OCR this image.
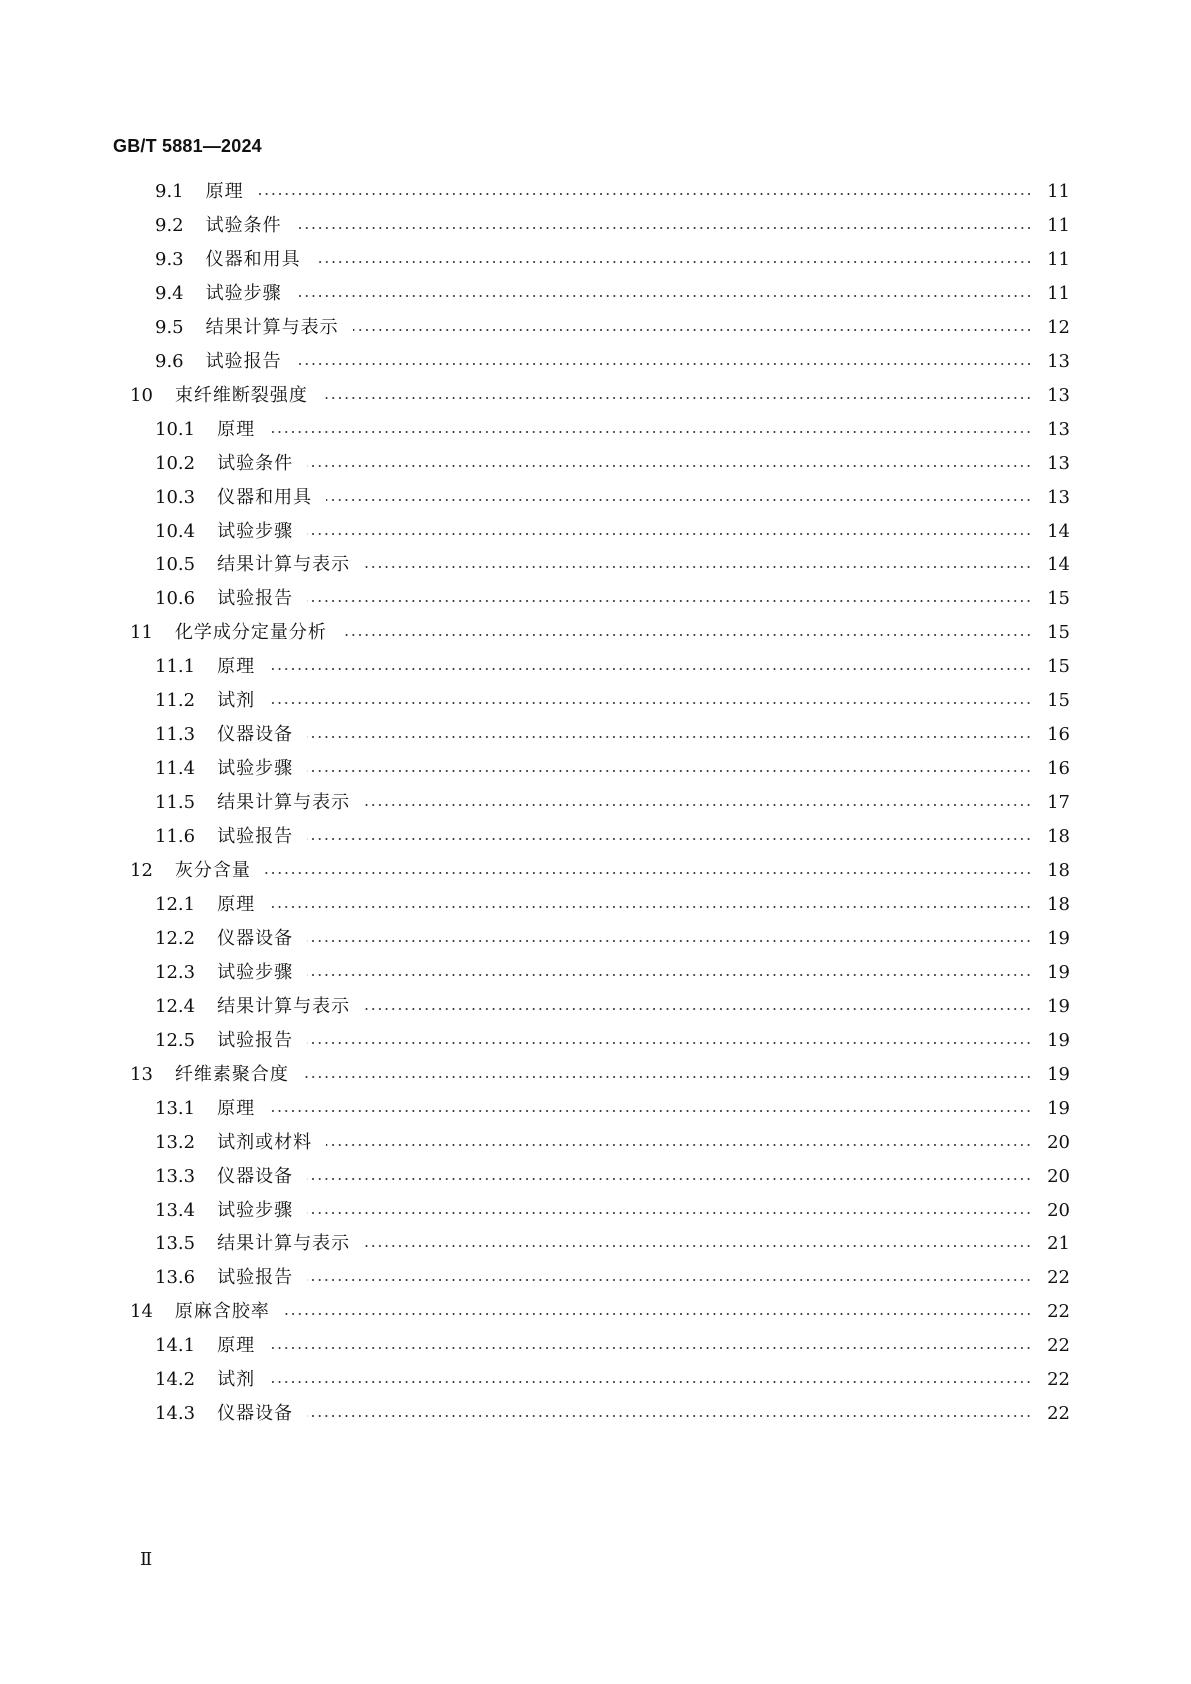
GB/T 5881—2024
9.1 原理	11
9.2 试验条件	11
9.3 仪器和用具	11
9.4 试验步骤	11
9.5 结果计算与表示	12
9.6 试验报告	13
10 束纤维断裂强度	13
10.1 原理	13
10.2 试验条件	13
10.3 仪器和用具	13
10.4 试验步骤	14
10.5 结果计算与表示	14
10.6 试验报告	15
11 化学成分定量分析	15
11.1 原理	15
11.2 试剂	15
11.3 仪器设备	16
11.4 试验步骤	16
11.5 结果计算与表示	17
11.6 试验报告	18
12 灰分含量	18
12.1 原理	18
12.2 仪器设备	19
12.3 试验步骤	19
12.4 结果计算与表示	19
12.5 试验报告	19
13 纤维素聚合度	19
13.1 原理	19
13.2 试剂或材料	20
13.3 仪器设备	20
13.4 试验步骤	20
13.5 结果计算与表示	21
13.6 试验报告	22
14 原麻含胶率	22
14.1 原理	22
14.2 试剂	22
14.3 仪器设备	22
Ⅱ
